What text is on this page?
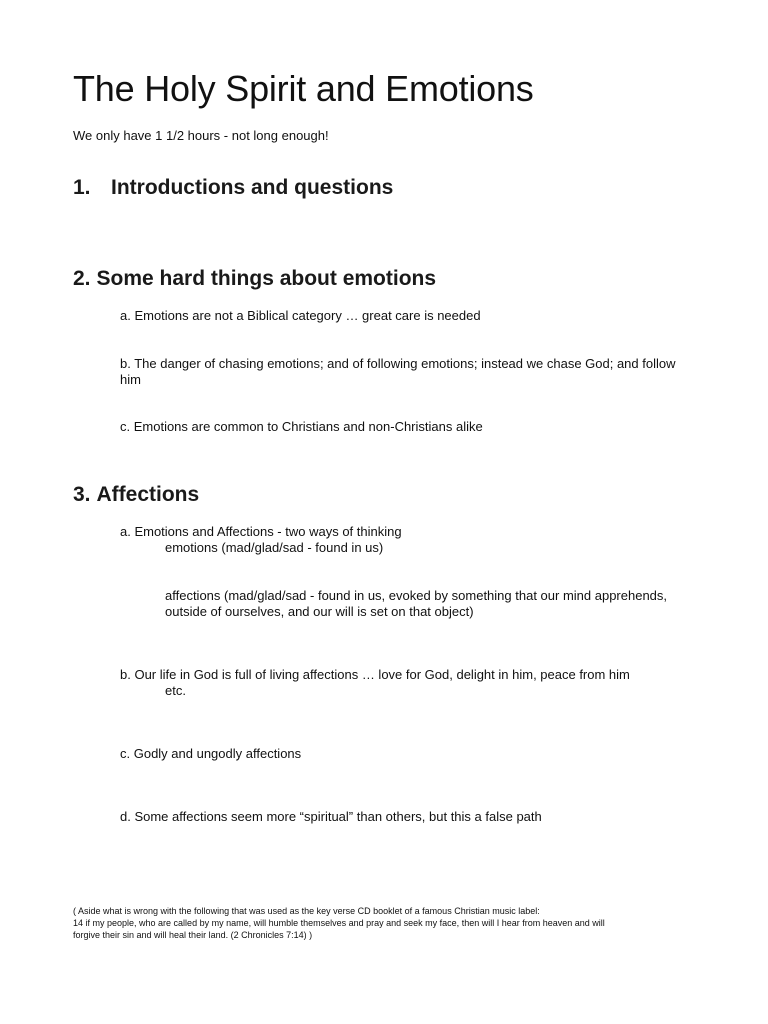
The Holy Spirit and Emotions
We only have 1 1/2 hours - not long enough!
1. Introductions and questions
2. Some hard things about emotions
a. Emotions are not a Biblical category … great care is needed
b. The danger of chasing emotions; and of following emotions; instead we chase God; and follow him
c. Emotions are common to Christians and non-Christians alike
3. Affections
a. Emotions and Affections - two ways of thinking
emotions (mad/glad/sad - found in us)
affections (mad/glad/sad - found in us, evoked by something that our mind apprehends, outside of ourselves, and our will is set on that object)
b. Our life in God is full of living affections … love for God, delight in him, peace from him
etc.
c. Godly and ungodly affections
d. Some affections seem more “spiritual” than others, but this a false path
( Aside what is wrong with the following that was used as the key verse CD booklet of a famous Christian music label:
14 if my people, who are called by my name, will humble themselves and pray and seek my face, then will I hear from heaven and will
forgive their sin and will heal their land. (2 Chronicles 7:14) )
